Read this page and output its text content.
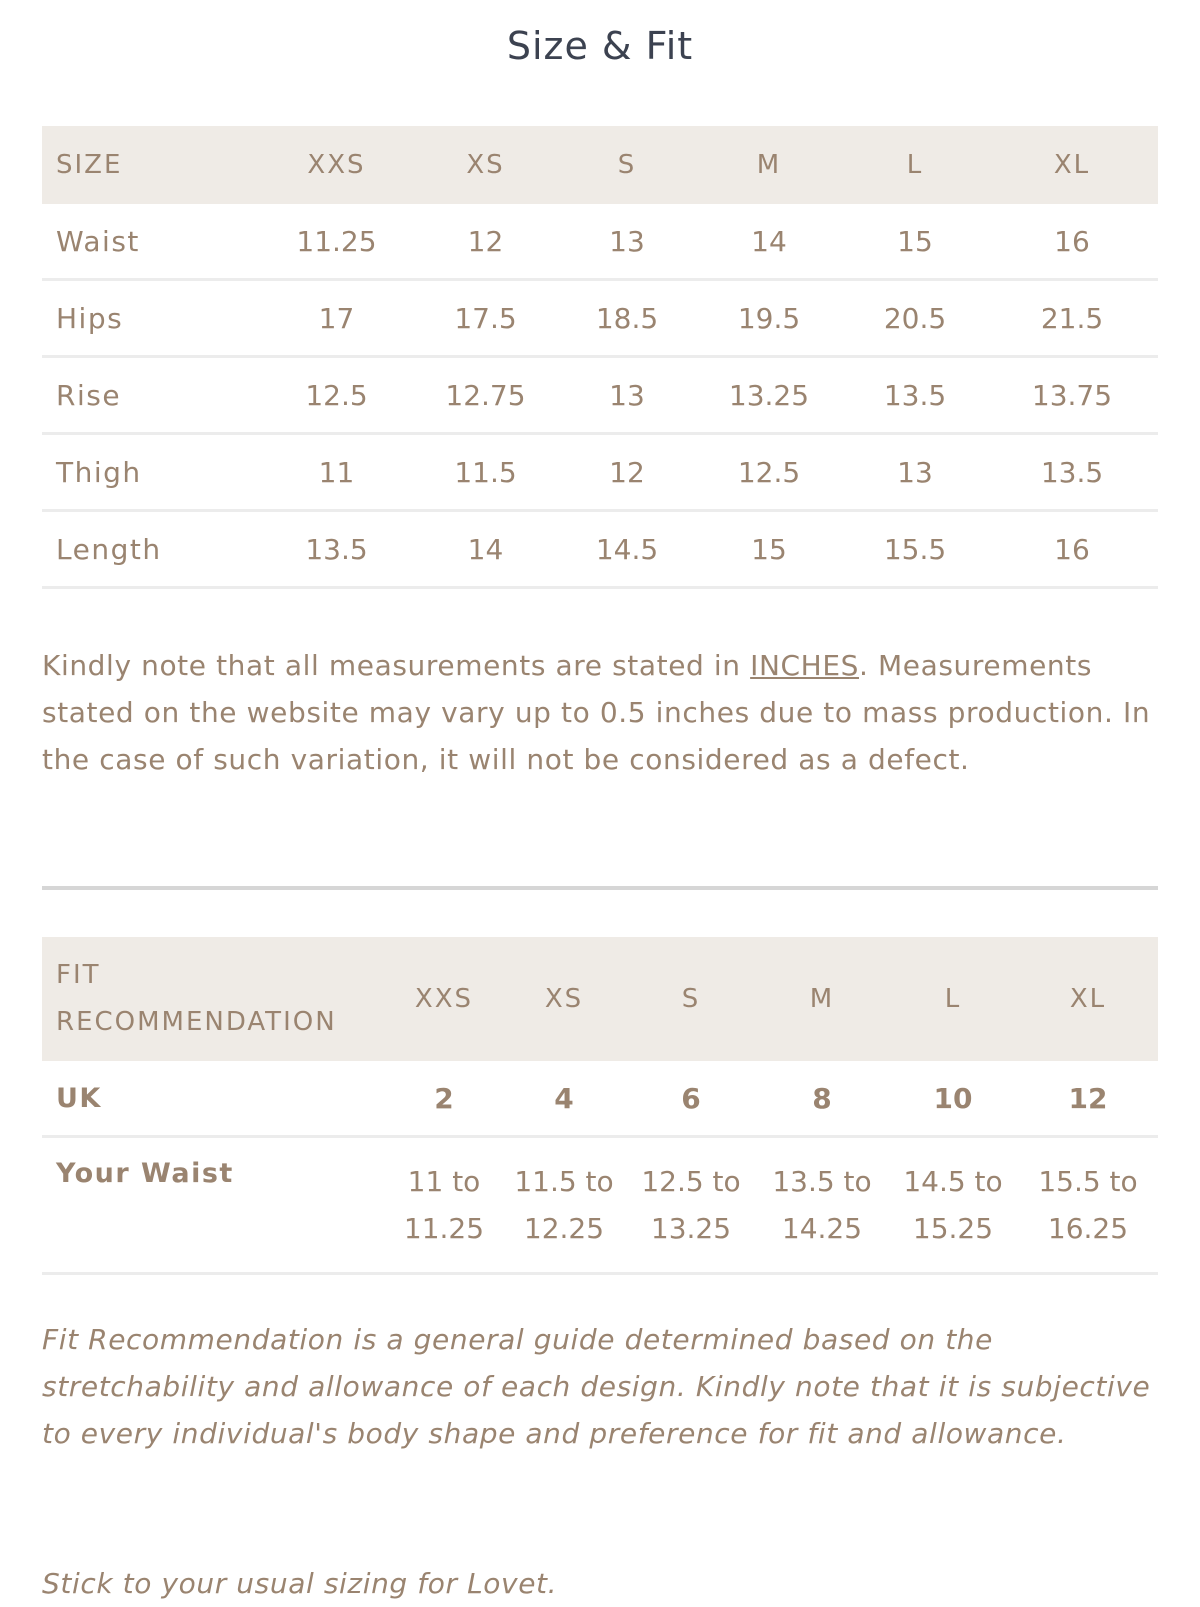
Size & Fit
SIZE	XXS	XS	S	M	L	XL
Waist	11.25	12	13	14	15	16
Hips	17	17.5	18.5	19.5	20.5	21.5
Rise	12.5	12.75	13	13.25	13.5	13.75
Thigh	11	11.5	12	12.5	13	13.5
Length	13.5	14	14.5	15	15.5	16

Kindly note that all measurements are stated in INCHES. Measurements stated on the website may vary up to 0.5 inches due to mass production. In the case of such variation, it will not be considered as a defect.

FIT RECOMMENDATION	XXS	XS	S	M	L	XL
UK	2	4	6	8	10	12
Your Waist	11 to 11.25	11.5 to 12.25	12.5 to 13.25	13.5 to 14.25	14.5 to 15.25	15.5 to 16.25

Fit Recommendation is a general guide determined based on the stretchability and allowance of each design. Kindly note that it is subjective to every individual's body shape and preference for fit and allowance.

Stick to your usual sizing for Lovet.
